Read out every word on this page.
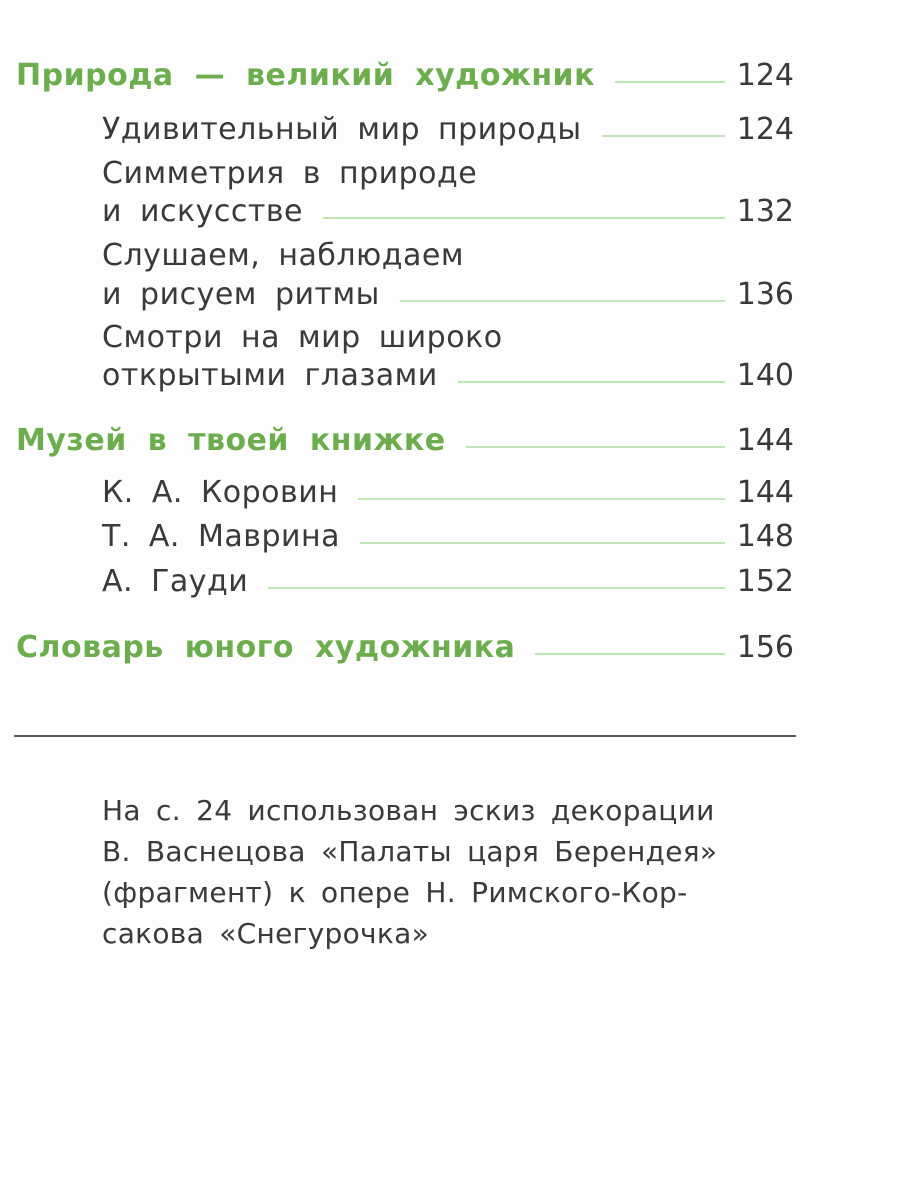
Природа — великий художник	124
Удивительный мир природы	124
Симметрия в природе
и искусстве	132
Слушаем, наблюдаем
и рисуем ритмы	136
Смотри на мир широко
открытыми глазами	140
Музей в твоей книжке	144
К. А. Коровин	144
Т. А. Маврина	148
А. Гауди	152
Словарь юного художника	156
На с. 24 использован эскиз декорации
В. Васнецова «Палаты царя Берендея»
(фрагмент) к опере Н. Римского-Кор-
сакова «Снегурочка»
